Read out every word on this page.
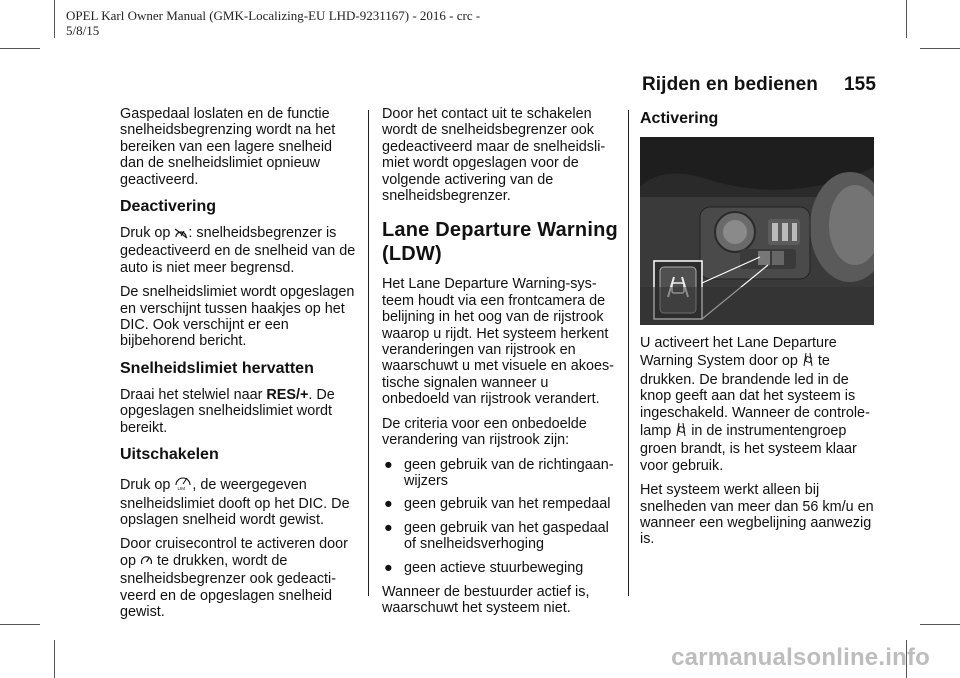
OPEL Karl Owner Manual (GMK-Localizing-EU LHD-9231167) - 2016 - crc - 5/8/15
Rijden en bedienen 155

Gaspedaal loslaten en de functie snelheidsbegrenzing wordt na het bereiken van een lagere snelheid dan de snelheidslimiet opnieuw geactiveerd.

Deactivering

Druk op : snelheidsbegrenzer is gedeactiveerd en de snelheid van de auto is niet meer begrensd.

De snelheidslimiet wordt opgeslagen en verschijnt tussen haakjes op het DIC. Ook verschijnt er een bijbehorend bericht.

Snelheidslimiet hervatten

Draai het stelwiel naar RES/+. De opgeslagen snelheidslimiet wordt bereikt.

Uitschakelen

Druk op LIM , de weergegeven snelheidslimiet dooft op het DIC. De opslagen snelheid wordt gewist.

Door cruisecontrol te activeren door op  te drukken, wordt de snelheidsbegrenzer ook gedeactiveerd en de opgeslagen snelheid gewist.

Door het contact uit te schakelen wordt de snelheidsbegrenzer ook gedeactiveerd maar de snelheidslimiet wordt opgeslagen voor de volgende activering van de snelheidsbegrenzer.

Lane Departure Warning (LDW)

Het Lane Departure Warning-systeem houdt via een frontcamera de belijning in het oog van de rijstrook waarop u rijdt. Het systeem herkent veranderingen van rijstrook en waarschuwt u met visuele en akoestische signalen wanneer u onbedoeld van rijstrook verandert.

De criteria voor een onbedoelde verandering van rijstrook zijn:

● geen gebruik van de richtingaanwijzers
● geen gebruik van het rempedaal
● geen gebruik van het gaspedaal of snelheidsverhoging
● geen actieve stuurbeweging

Wanneer de bestuurder actief is, waarschuwt het systeem niet.

Activering

U activeert het Lane Departure Warning System door op  te drukken. De brandende led in de knop geeft aan dat het systeem is ingeschakeld. Wanneer de controlelamp  in de instrumentengroep groen brandt, is het systeem klaar voor gebruik.

Het systeem werkt alleen bij snelheden van meer dan 56 km/u en wanneer een wegbelijning aanwezig is.

carmanualsonline.info
